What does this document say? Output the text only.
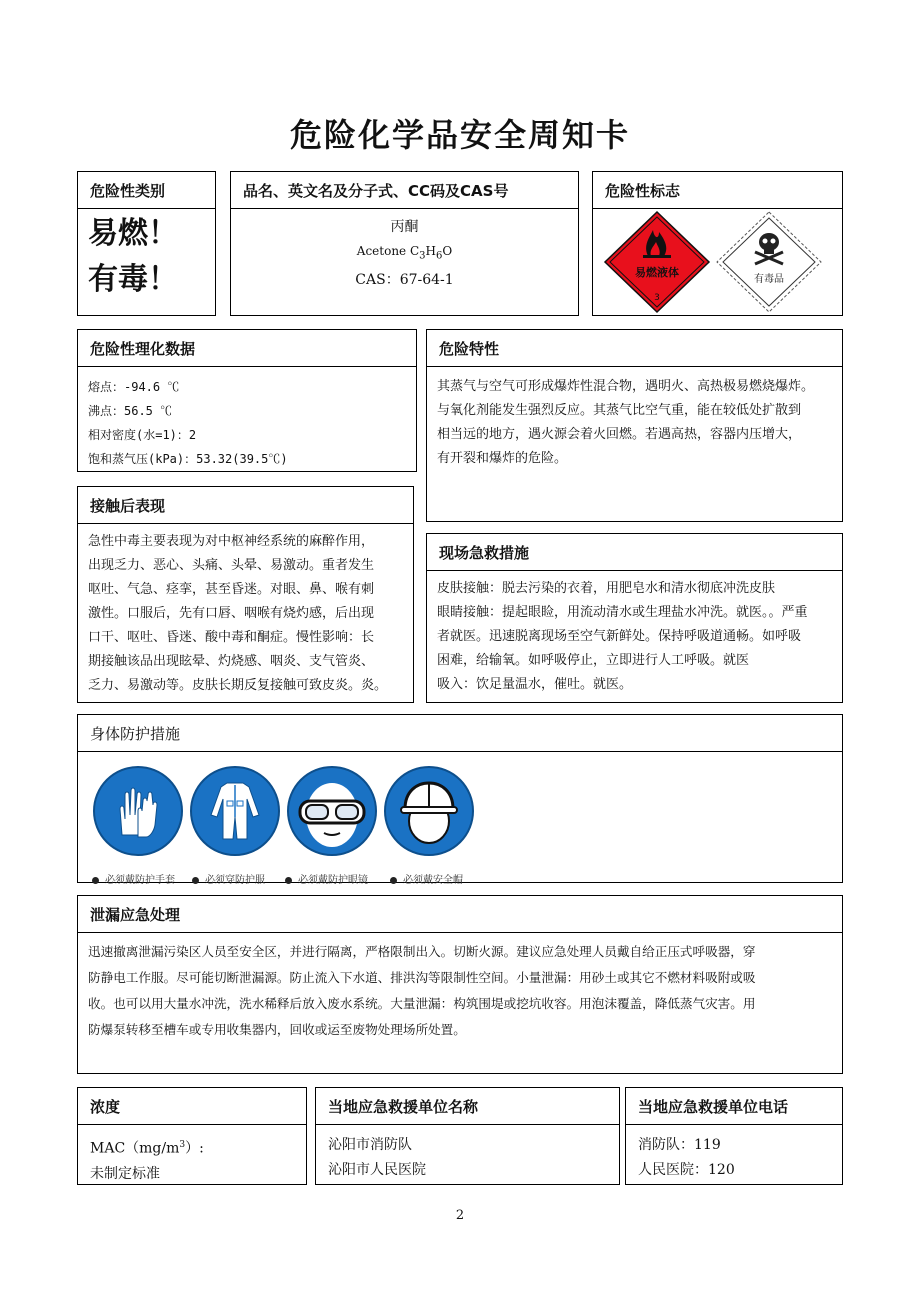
危险化学品安全周知卡
危险性类别
易燃！
有毒！
品名、英文名及分子式、CC码及CAS号
丙酮
Acetone $C_3H_6O$
CAS：67-64-1
危险性标志
易燃液体
3
有毒品
危险性理化数据
熔点：-94.6 ℃
沸点：56.5 ℃
相对密度(水=1)：2
饱和蒸气压(kPa)：53.32(39.5℃)
危险特性
其蒸气与空气可形成爆炸性混合物，遇明火、高热极易燃烧爆炸。
与氧化剂能发生强烈反应。其蒸气比空气重，能在较低处扩散到
相当远的地方，遇火源会着火回燃。若遇高热，容器内压增大，
有开裂和爆炸的危险。
接触后表现
急性中毒主要表现为对中枢神经系统的麻醉作用，
出现乏力、恶心、头痛、头晕、易激动。重者发生
呕吐、气急、痉挛，甚至昏迷。对眼、鼻、喉有刺
激性。口服后，先有口唇、咽喉有烧灼感，后出现
口干、呕吐、昏迷、酸中毒和酮症。慢性影响：长
期接触该品出现眩晕、灼烧感、咽炎、支气管炎、
乏力、易激动等。皮肤长期反复接触可致皮炎。炎。
现场急救措施
皮肤接触：脱去污染的衣着，用肥皂水和清水彻底冲洗皮肤
眼睛接触：提起眼睑，用流动清水或生理盐水冲洗。就医。。严重
者就医。迅速脱离现场至空气新鲜处。保持呼吸道通畅。如呼吸
困难，给输氧。如呼吸停止，立即进行人工呼吸。就医
吸入：饮足量温水，催吐。就医。
身体防护措施
必须戴防护手套	必须穿防护服	必须戴防护眼镜	必须戴安全帽
泄漏应急处理
迅速撤离泄漏污染区人员至安全区，并进行隔离，严格限制出入。切断火源。建议应急处理人员戴自给正压式呼吸器，穿
防静电工作服。尽可能切断泄漏源。防止流入下水道、排洪沟等限制性空间。小量泄漏：用砂土或其它不燃材料吸附或吸
收。也可以用大量水冲洗，洗水稀释后放入废水系统。大量泄漏：构筑围堤或挖坑收容。用泡沫覆盖，降低蒸气灾害。用
防爆泵转移至槽车或专用收集器内，回收或运至废物处理场所处置。
浓度
$MAC(mg/m^3)$:
未制定标准
当地应急救援单位名称
沁阳市消防队
沁阳市人民医院
当地应急救援单位电话
消防队：119
人民医院：120
2
